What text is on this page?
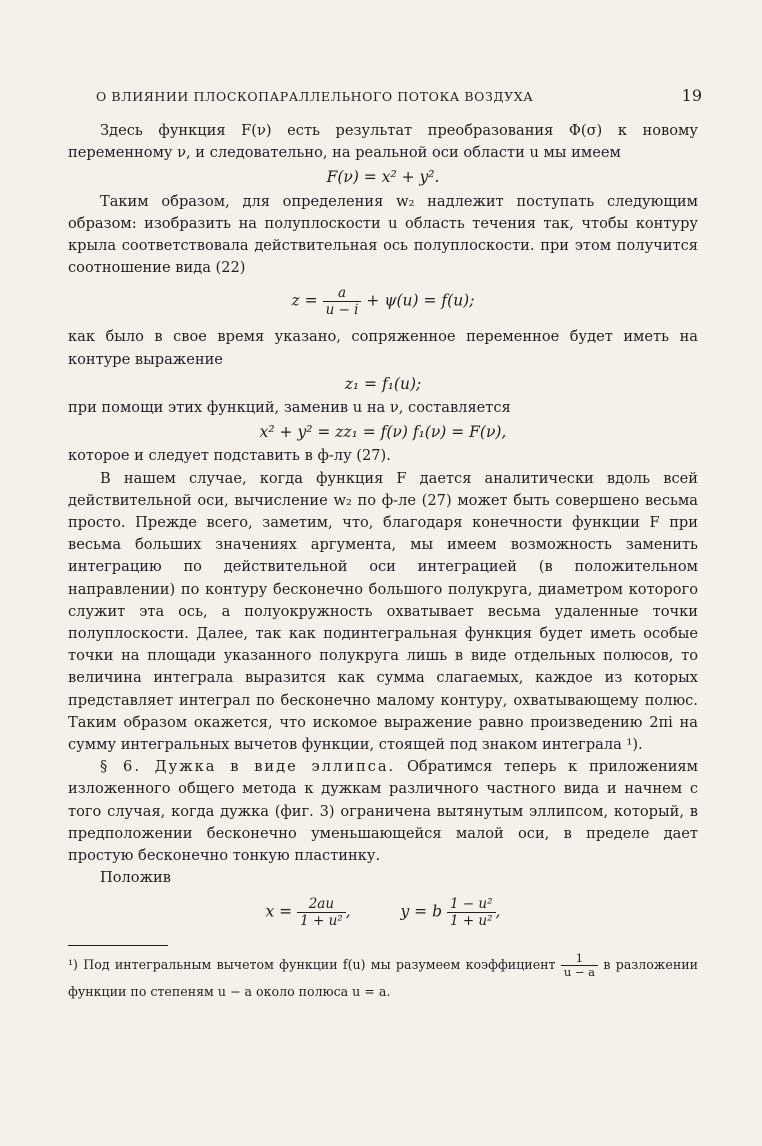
О ВЛИЯНИИ ПЛОСКОПАРАЛЛЕЛЬНОГО ПОТОКА ВОЗДУХА	19

Здесь функция F(ν) есть результат преобразования Φ(σ) к новому переменному ν, и следовательно, на реальной оси области u мы имеем

F(ν) = x² + y².

Таким образом, для определения w₂ надлежит поступать следующим образом: изобразить на полуплоскости u область течения так, чтобы контуру крыла соответствовала действительная ось полуплоскости. при этом получится соотношение вида (22)

$z = \frac{a}{u - i} + \psi(u) = f(u)$;

как было в свое время указано, сопряженное переменное будет иметь на контуре выражение

z₁ = f₁(u);

при помощи этих функций, заменив u на ν, составляется

x² + y² = zz₁ = f(ν) f₁(ν) = F(ν),

которое и следует подставить в ф-лу (27).

В нашем случае, когда функция F дается аналитически вдоль всей действительной оси, вычисление w₂ по ф-ле (27) может быть совершено весьма просто. Прежде всего, заметим, что, благодаря конечности функции F при весьма больших значениях аргумента, мы имеем возможность заменить интеграцию по действительной оси интеграцией (в положительном направлении) по контуру бесконечно большого полукруга, диаметром которого служит эта ось, а полуокружность охватывает весьма удаленные точки полуплоскости. Далее, так как подинтегральная функция будет иметь особые точки на площади указанного полукруга лишь в виде отдельных полюсов, то величина интеграла выразится как сумма слагаемых, каждое из которых представляет интеграл по бесконечно малому контуру, охватывающему полюс. Таким образом окажется, что искомое выражение равно произведению 2πi на сумму интегральных вычетов функции, стоящей под знаком интеграла ¹).

§ 6. Дужка в виде эллипса. Обратимся теперь к приложениям изложенного общего метода к дужкам различного частного вида и начнем с того случая, когда дужка (фиг. 3) ограничена вытянутым эллипсом, который, в предположении бесконечно уменьшающейся малой оси, в пределе дает простую бесконечно тонкую пластинку.

Положив

$x = \frac{2au}{\text{1 + u²}}$ ,	y = b $\frac{\text{1 − u²}}{\text{1 + u²}}$ ,
¹) Под интегральным вычетом функции f(u) мы разумеем коэффициент $\frac{1}{u - a}$ в разложении функции по степеням u − a около полюса u = a.
